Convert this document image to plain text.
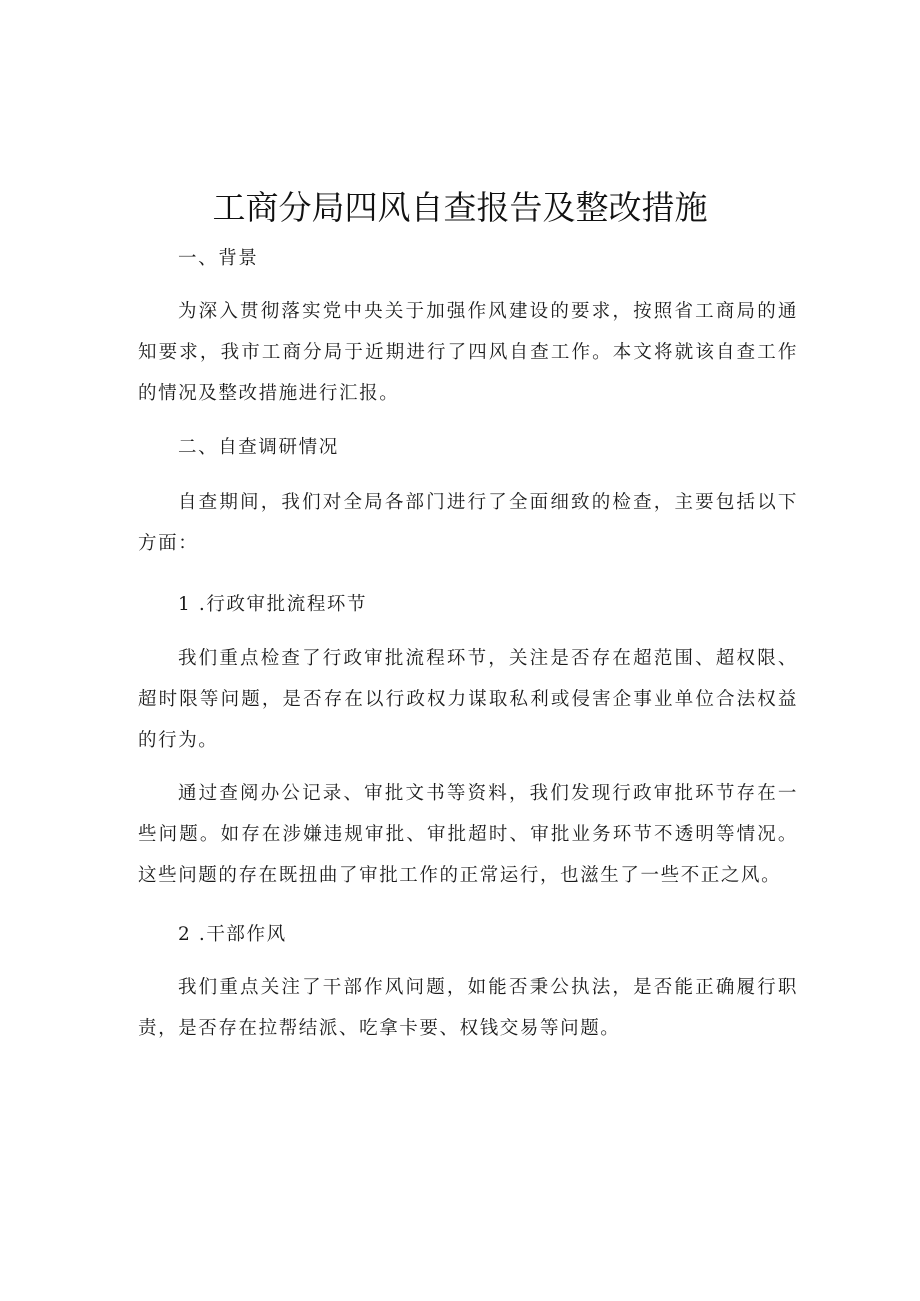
工商分局四风自查报告及整改措施
一、背景

为深入贯彻落实党中央关于加强作风建设的要求，按照省工商局的通知要求，我市工商分局于近期进行了四风自查工作。本文将就该自查工作的情况及整改措施进行汇报。

二、自查调研情况

自查期间，我们对全局各部门进行了全面细致的检查，主要包括以下方面：

1 .行政审批流程环节

我们重点检查了行政审批流程环节，关注是否存在超范围、超权限、超时限等问题，是否存在以行政权力谋取私利或侵害企事业单位合法权益的行为。

通过查阅办公记录、审批文书等资料，我们发现行政审批环节存在一些问题。如存在涉嫌违规审批、审批超时、审批业务环节不透明等情况。这些问题的存在既扭曲了审批工作的正常运行，也滋生了一些不正之风。

2 .干部作风

我们重点关注了干部作风问题，如能否秉公执法，是否能正确履行职责，是否存在拉帮结派、吃拿卡要、权钱交易等问题。
